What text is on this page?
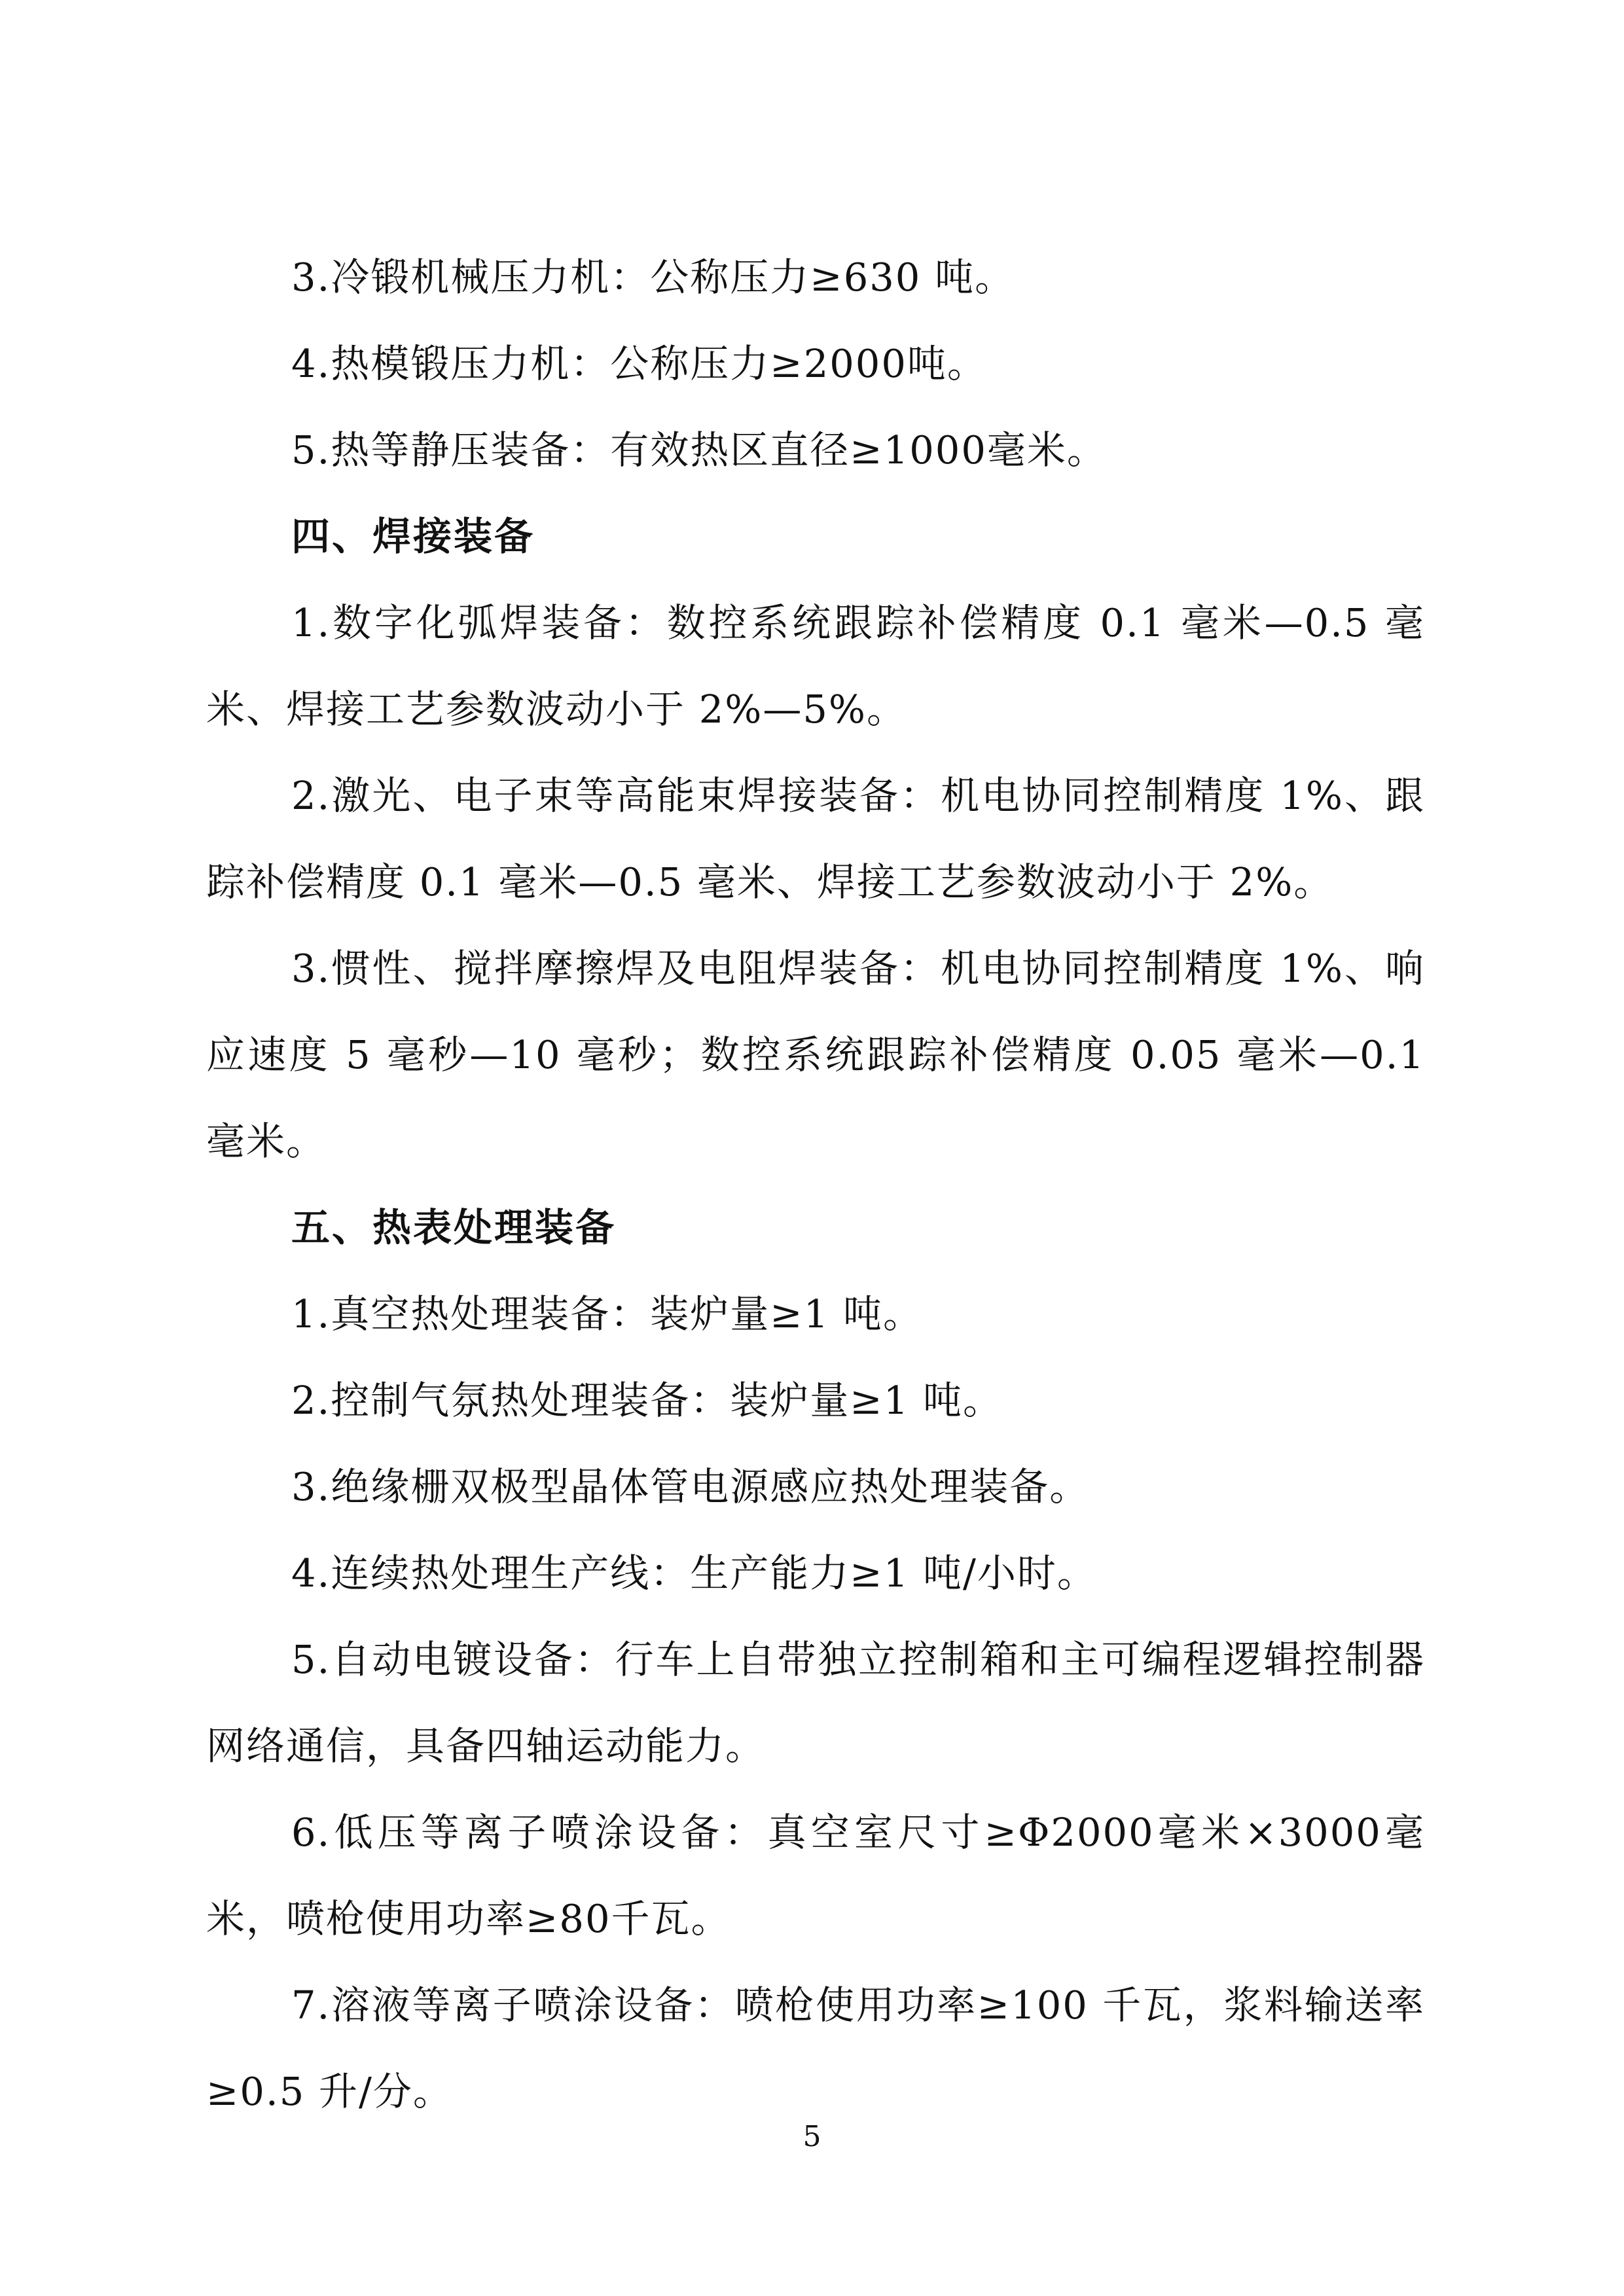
3.冷锻机械压力机：公称压力≥630 吨。

4.热模锻压力机：公称压力≥2000吨。

5.热等静压装备：有效热区直径≥1000毫米。

四、焊接装备

1.数字化弧焊装备：数控系统跟踪补偿精度 0.1 毫米—0.5 毫米、焊接工艺参数波动小于 2%—5%。

2.激光、电子束等高能束焊接装备：机电协同控制精度 1%、跟踪补偿精度 0.1 毫米—0.5 毫米、焊接工艺参数波动小于 2%。

3.惯性、搅拌摩擦焊及电阻焊装备：机电协同控制精度 1%、响应速度 5 毫秒—10 毫秒；数控系统跟踪补偿精度 0.05 毫米—0.1 毫米。

五、热表处理装备

1.真空热处理装备：装炉量≥1 吨。

2.控制气氛热处理装备：装炉量≥1 吨。

3.绝缘栅双极型晶体管电源感应热处理装备。

4.连续热处理生产线：生产能力≥1 吨/小时。

5.自动电镀设备：行车上自带独立控制箱和主可编程逻辑控制器网络通信，具备四轴运动能力。

6.低压等离子喷涂设备：真空室尺寸≥Φ2000毫米×3000毫米，喷枪使用功率≥80千瓦。

7.溶液等离子喷涂设备：喷枪使用功率≥100 千瓦，浆料输送率≥0.5 升/分。

5
